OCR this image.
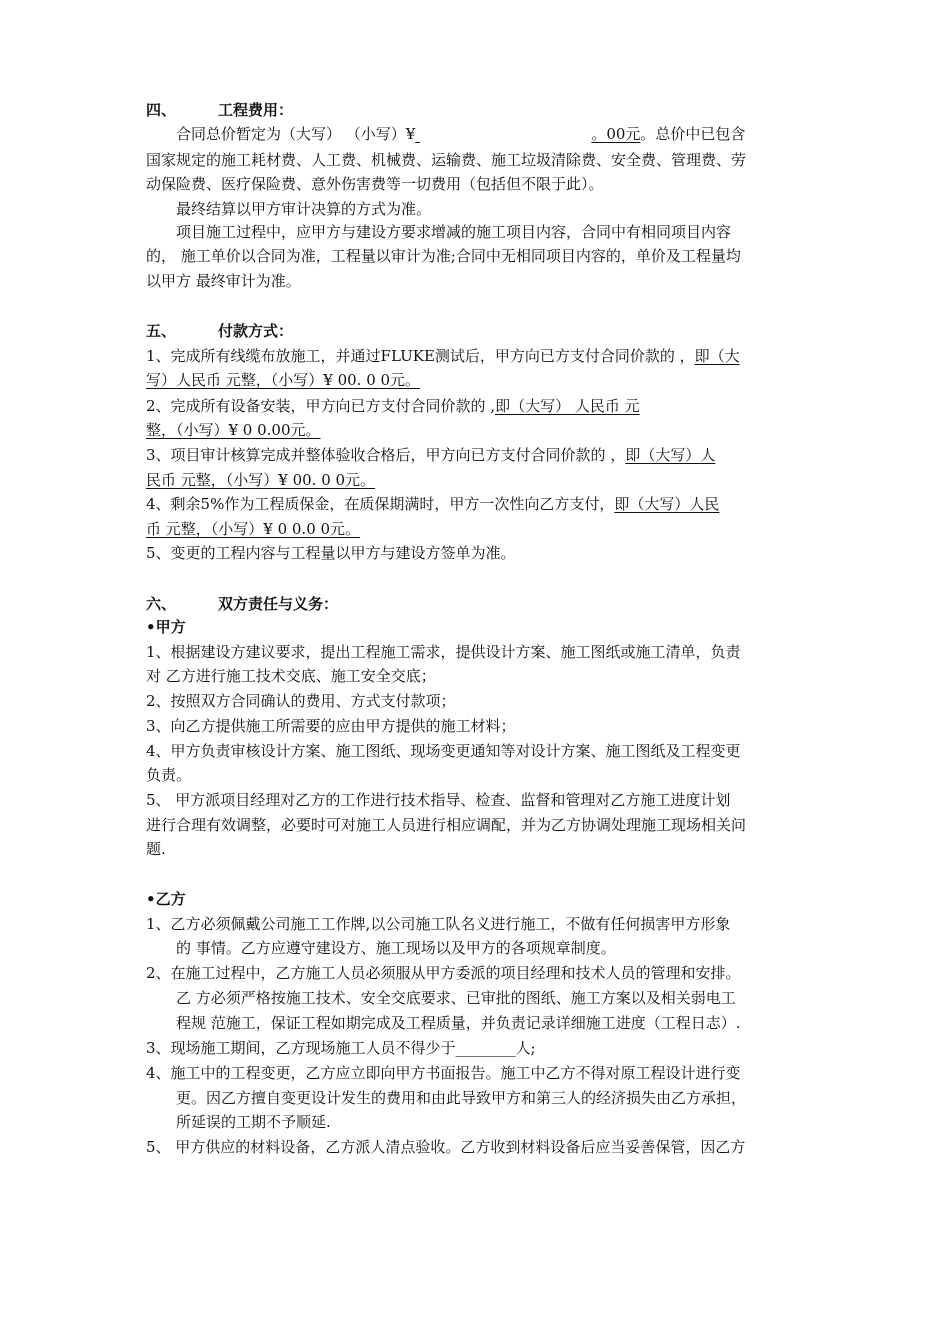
四、	工程费用：
合同总价暂定为（大写） （小写）¥	。00元。总价中已包含
国家规定的施工耗材费、人工费、机械费、运输费、施工垃圾清除费、安全费、管理费、劳
动保险费、医疗保险费、意外伤害费等一切费用（包括但不限于此）。
最终结算以甲方审计决算的方式为准。
项目施工过程中，应甲方与建设方要求增减的施工项目内容，合同中有相同项目内容
的， 施工单价以合同为准，工程量以审计为准;合同中无相同项目内容的，单价及工程量均
以甲方 最终审计为准。
五、	付款方式：
1、完成所有线缆布放施工，并通过FLUKE测试后，甲方向已方支付合同价款的 ，即（大
写）人民币 元整，（小写）¥ 00. 0 0元。
2、完成所有设备安装，甲方向已方支付合同价款的 ,即（大写） 人民币 元
整，（小写）¥ 0 0.00元。
3、项目审计核算完成并整体验收合格后，甲方向已方支付合同价款的 ，即（大写）人
民币 元整，（小写）¥ 00. 0 0元。
4、剩余5%作为工程质保金，在质保期满时，甲方一次性向乙方支付，即（大写）人民
币 元整，（小写）¥ 0 0.0 0元。
5、变更的工程内容与工程量以甲方与建设方签单为准。
六、	双方责任与义务：
•甲方
1、根据建设方建议要求，提出工程施工需求，提供设计方案、施工图纸或施工清单，负责
对 乙方进行施工技术交底、施工安全交底；
2、按照双方合同确认的费用、方式支付款项；
3、向乙方提供施工所需要的应由甲方提供的施工材料；
4、甲方负责审核设计方案、施工图纸、现场变更通知等对设计方案、施工图纸及工程变更
负责。
5、 甲方派项目经理对乙方的工作进行技术指导、检查、监督和管理对乙方施工进度计划
进行合理有效调整，必要时可对施工人员进行相应调配，并为乙方协调处理施工现场相关问
题.
•乙方
1、乙方必须佩戴公司施工工作牌,以公司施工队名义进行施工，不做有任何损害甲方形象
的 事情。乙方应遵守建设方、施工现场以及甲方的各项规章制度。
2、在施工过程中，乙方施工人员必须服从甲方委派的项目经理和技术人员的管理和安排。
乙 方必须严格按施工技术、安全交底要求、已审批的图纸、施工方案以及相关弱电工
程规 范施工，保证工程如期完成及工程质量，并负责记录详细施工进度（工程日志）.
3、现场施工期间，乙方现场施工人员不得少于________人;
4、施工中的工程变更，乙方应立即向甲方书面报告。施工中乙方不得对原工程设计进行变
更。因乙方擅自变更设计发生的费用和由此导致甲方和第三人的经济损失由乙方承担，
所延误的工期不予顺延.
5、 甲方供应的材料设备，乙方派人清点验收。乙方收到材料设备后应当妥善保管，因乙方
